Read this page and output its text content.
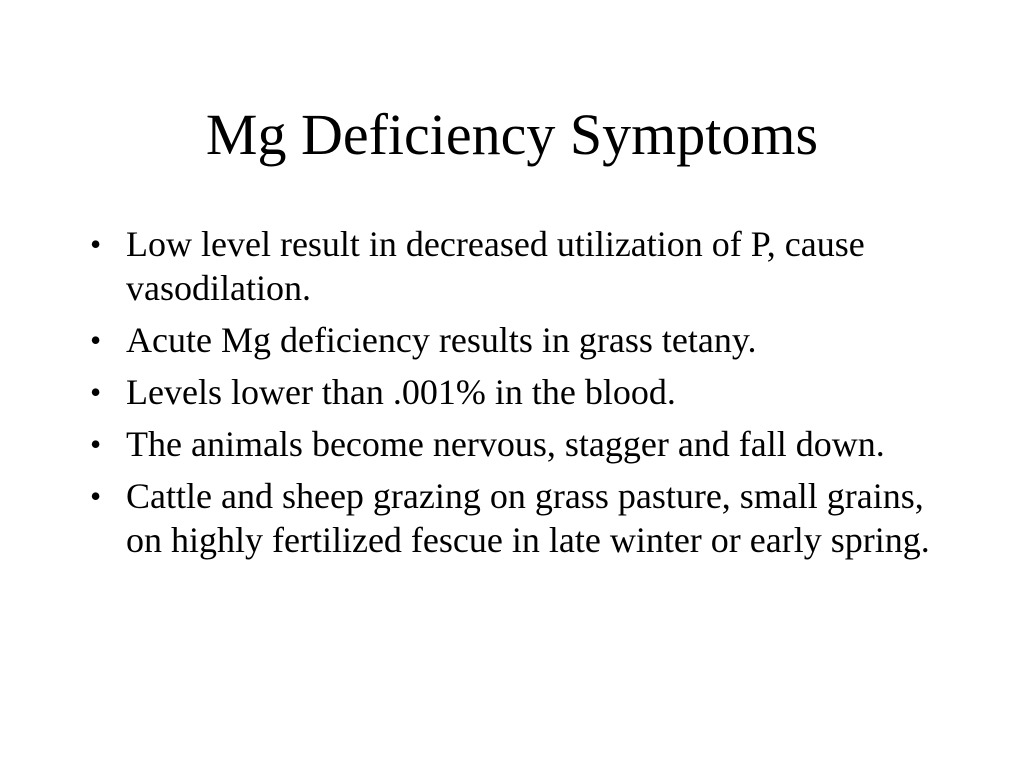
Mg Deficiency Symptoms
• Low level result in decreased utilization of P, cause vasodilation.
• Acute Mg deficiency results in grass tetany.
• Levels lower than .001% in the blood.
• The animals become nervous, stagger and fall down.
• Cattle and sheep grazing on grass pasture, small grains, on highly fertilized fescue in late winter or early spring.
